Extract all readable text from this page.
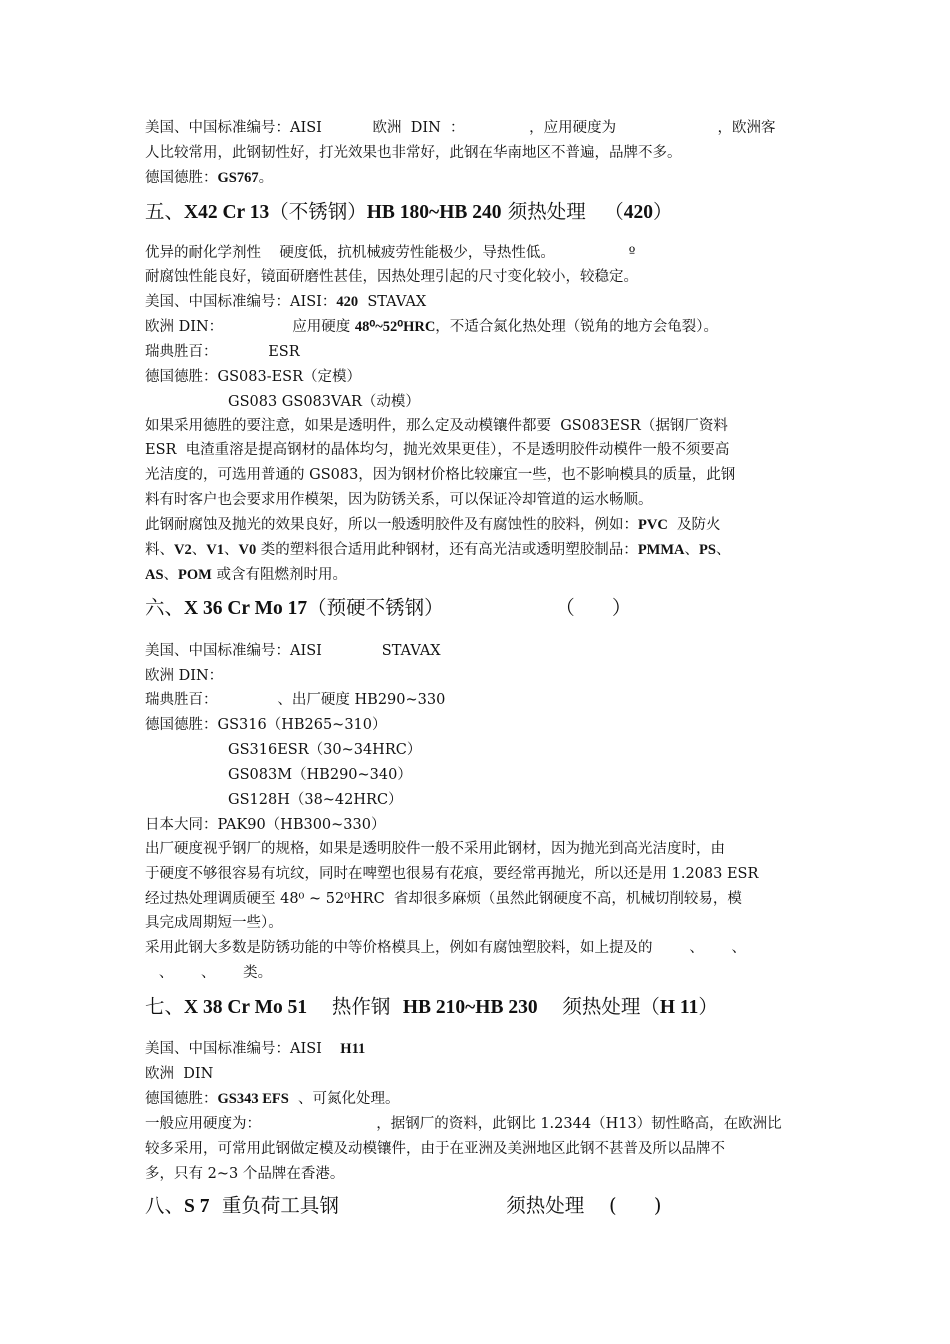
美国、中国标准编号：AISI           欧洲  DIN  ：              ，应用硬度为                      ，欧洲客
人比较常用，此钢韧性好，打光效果也非常好，此钢在华南地区不普遍，品牌不多。
德国德胜：GS767。
五、X42 Cr 13（不锈钢）HB 180~HB 240 须热处理   （420）
优异的耐化学剂性    硬度低，抗机械疲劳性能极少，导热性低。                º
耐腐蚀性能良好，镜面研磨性甚佳，因热处理引起的尺寸变化较小，较稳定。
美国、中国标准编号：AISI：420  STAVAX
欧洲 DIN：               应用硬度 48⁰~52⁰HRC，不适合氮化热处理（锐角的地方会龟裂）。
瑞典胜百：           ESR
德国德胜：GS083-ESR（定模）
GS083 GS083VAR（动模）
如果采用德胜的要注意，如果是透明件，那么定及动模镶件都要  GS083ESR（据钢厂资料
ESR  电渣重溶是提高钢材的晶体均匀，抛光效果更佳），不是透明胶件动模件一般不须要高
光洁度的，可选用普通的 GS083，因为钢材价格比较廉宜一些，也不影响模具的质量，此钢
料有时客户也会要求用作模架，因为防锈关系，可以保证冷却管道的运水畅顺。
此钢耐腐蚀及抛光的效果良好，所以一般透明胶件及有腐蚀性的胶料，例如：PVC  及防火
料、V2、V1、V0 类的塑料很合适用此种钢材，还有高光洁或透明塑胶制品：PMMA、PS、
AS、POM 或含有阻燃剂时用。
六、X 36 Cr Mo 17（预硬不锈钢）                  （      ）
美国、中国标准编号：AISI             STAVAX
欧洲 DIN：
瑞典胜百：             、出厂硬度 HB290~330
德国德胜：GS316（HB265~310）
GS316ESR（30~34HRC）
GS083M（HB290~340）
GS128H（38~42HRC）
日本大同：PAK90（HB300~330）
出厂硬度视乎钢厂的规格，如果是透明胶件一般不采用此钢材，因为抛光到高光洁度时，由
于硬度不够很容易有坑纹，同时在啤塑也很易有花痕，要经常再抛光，所以还是用 1.2083 ESR
经过热处理调质硬至 48⁰ ~ 52⁰HRC  省却很多麻烦（虽然此钢硬度不高，机械切削较易，模
具完成周期短一些）。
采用此钢大多数是防锈功能的中等价格模具上，例如有腐蚀塑胶料，如上提及的        、      、
、      、      类。
七、X 38 Cr Mo 51    热作钢  HB 210~HB 230    须热处理（H 11）
美国、中国标准编号：AISI    H11
欧洲  DIN
德国德胜：GS343 EFS  、可氮化处理。
一般应用硬度为：                         ，据钢厂的资料，此钢比 1.2344（H13）韧性略高，在欧洲比
较多采用，可常用此钢做定模及动模镶件，由于在亚洲及美洲地区此钢不甚普及所以品牌不
多，只有 2~3 个品牌在香港。
八、S 7  重负荷工具钢                           须热处理    (      )
